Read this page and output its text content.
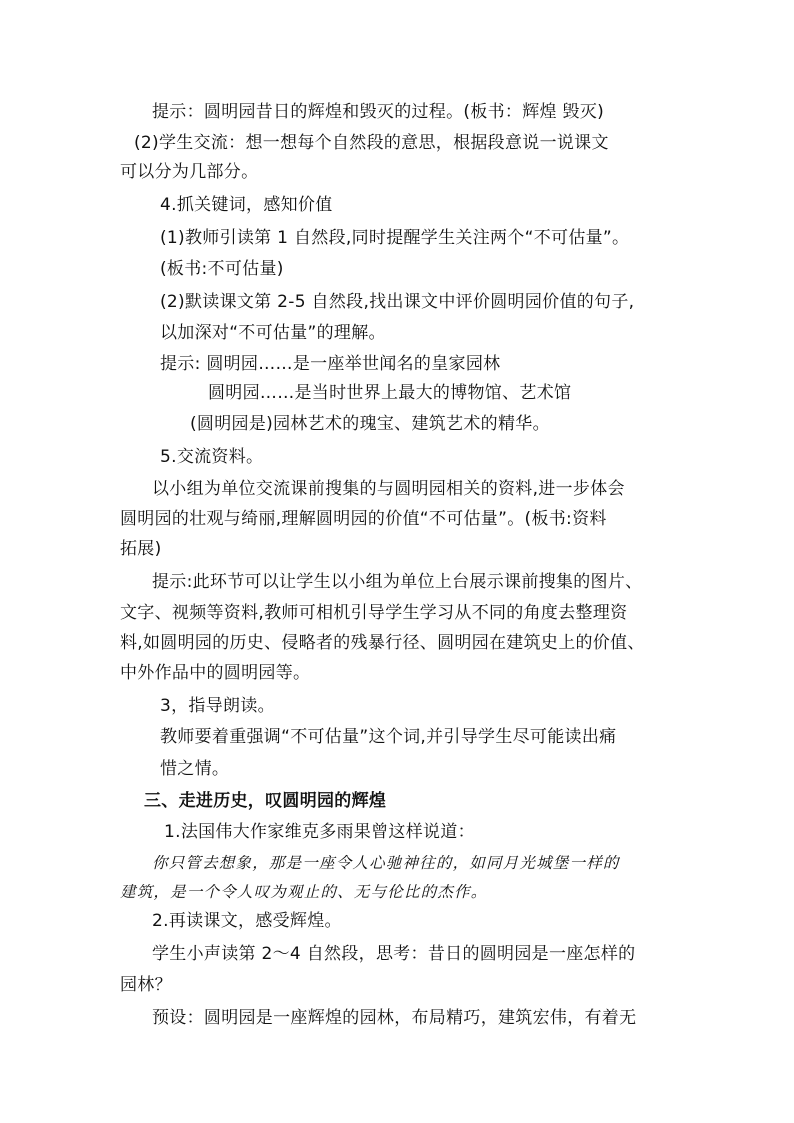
提示：圆明园昔日的辉煌和毁灭的过程。(板书：辉煌 毁灭)
(2)学生交流：想一想每个自然段的意思，根据段意说一说课文
可以分为几部分。
4.抓关键词，感知价值
(1)教师引读第 1 自然段,同时提醒学生关注两个“不可估量”。
(板书:不可估量)
(2)默读课文第 2-5 自然段,找出课文中评价圆明园价值的句子,
以加深对“不可估量”的理解。
提示: 圆明园……是一座举世闻名的皇家园林
圆明园……是当时世界上最大的博物馆、艺术馆
(圆明园是)园林艺术的瑰宝、建筑艺术的精华。
5.交流资料。
以小组为单位交流课前搜集的与圆明园相关的资料,进一步体会
圆明园的壮观与绮丽,理解圆明园的价值“不可估量”。(板书:资料
拓展)
提示:此环节可以让学生以小组为单位上台展示课前搜集的图片、
文字、视频等资料,教师可相机引导学生学习从不同的角度去整理资
料,如圆明园的历史、侵略者的残暴行径、圆明园在建筑史上的价值、
中外作品中的圆明园等。
3，指导朗读。
教师要着重强调“不可估量”这个词,并引导学生尽可能读出痛
惜之情。
三、走进历史，叹圆明园的辉煌
1.法国伟大作家维克多雨果曾这样说道：
你只管去想象，那是一座令人心驰神往的，如同月光城堡一样的
建筑，是一个令人叹为观止的、无与伦比的杰作。
2.再读课文，感受辉煌。
学生小声读第 2～4 自然段，思考：昔日的圆明园是一座怎样的
园林？
预设：圆明园是一座辉煌的园林，布局精巧，建筑宏伟，有着无
